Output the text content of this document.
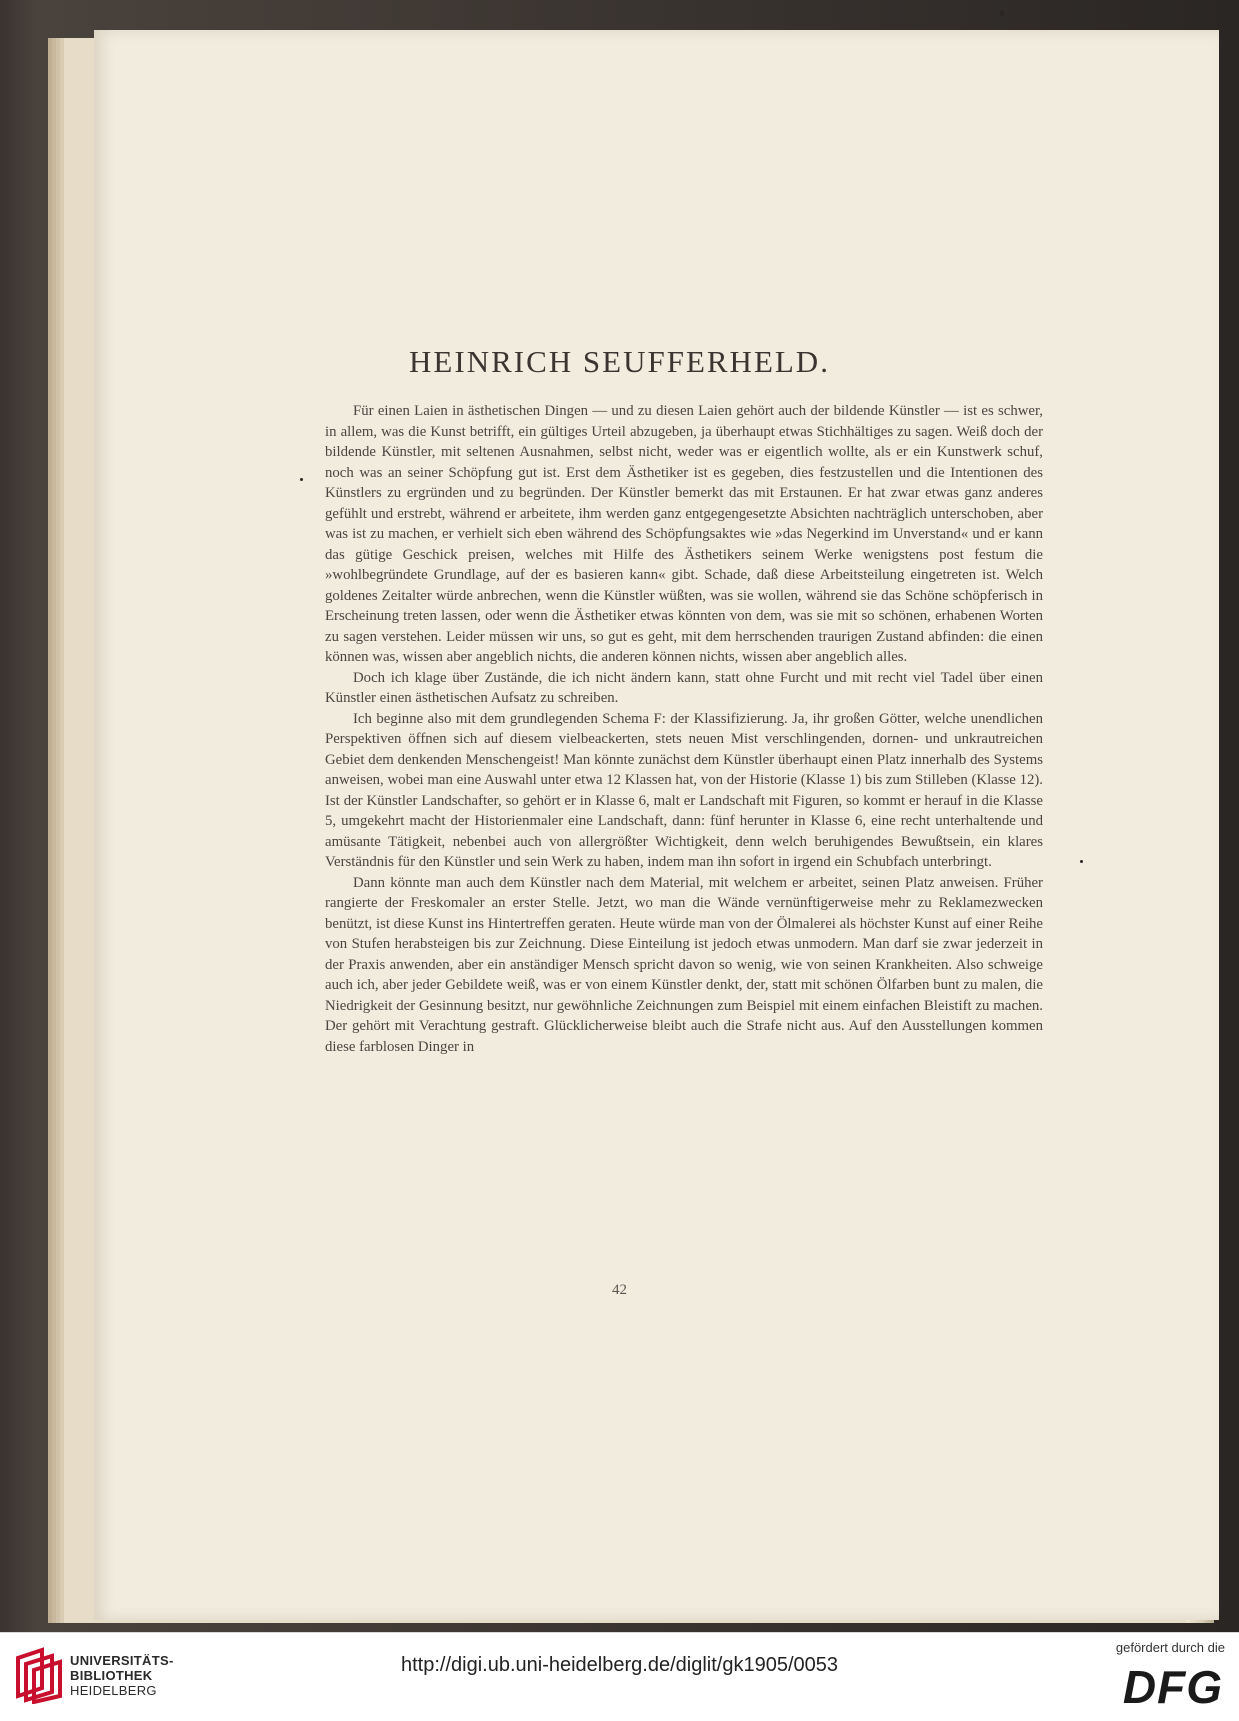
HEINRICH SEUFFERHELD.

Für einen Laien in ästhetischen Dingen — und zu diesen Laien gehört auch der bildende Künstler — ist es schwer, in allem, was die Kunst betrifft, ein gültiges Urteil abzugeben, ja überhaupt etwas Stichhältiges zu sagen. Weiß doch der bildende Künstler, mit seltenen Ausnahmen, selbst nicht, weder was er eigentlich wollte, als er ein Kunstwerk schuf, noch was an seiner Schöpfung gut ist. Erst dem Ästhetiker ist es gegeben, dies festzustellen und die Intentionen des Künstlers zu ergründen und zu begründen. Der Künstler bemerkt das mit Erstaunen. Er hat zwar etwas ganz anderes gefühlt und erstrebt, während er arbeitete, ihm werden ganz entgegengesetzte Absichten nachträglich unterschoben, aber was ist zu machen, er verhielt sich eben während des Schöpfungsaktes wie »das Negerkind im Unverstand« und er kann das gütige Geschick preisen, welches mit Hilfe des Ästhetikers seinem Werke wenigstens post festum die »wohlbegründete Grundlage, auf der es basieren kann« gibt. Schade, daß diese Arbeitsteilung eingetreten ist. Welch goldenes Zeitalter würde anbrechen, wenn die Künstler wüßten, was sie wollen, während sie das Schöne schöpferisch in Erscheinung treten lassen, oder wenn die Ästhetiker etwas könnten von dem, was sie mit so schönen, erhabenen Worten zu sagen verstehen. Leider müssen wir uns, so gut es geht, mit dem herrschenden traurigen Zustand abfinden: die einen können was, wissen aber angeblich nichts, die anderen können nichts, wissen aber angeblich alles.

Doch ich klage über Zustände, die ich nicht ändern kann, statt ohne Furcht und mit recht viel Tadel über einen Künstler einen ästhetischen Aufsatz zu schreiben.

Ich beginne also mit dem grundlegenden Schema F: der Klassifizierung. Ja, ihr großen Götter, welche unendlichen Perspektiven öffnen sich auf diesem vielbeackerten, stets neuen Mist verschlingenden, dornen- und unkrautreichen Gebiet dem denkenden Menschengeist! Man könnte zunächst dem Künstler überhaupt einen Platz innerhalb des Systems anweisen, wobei man eine Auswahl unter etwa 12 Klassen hat, von der Historie (Klasse 1) bis zum Stilleben (Klasse 12). Ist der Künstler Landschafter, so gehört er in Klasse 6, malt er Landschaft mit Figuren, so kommt er herauf in die Klasse 5, umgekehrt macht der Historienmaler eine Landschaft, dann: fünf herunter in Klasse 6, eine recht unterhaltende und amüsante Tätigkeit, nebenbei auch von allergrößter Wichtigkeit, denn welch beruhigendes Bewußtsein, ein klares Verständnis für den Künstler und sein Werk zu haben, indem man ihn sofort in irgend ein Schubfach unterbringt.

Dann könnte man auch dem Künstler nach dem Material, mit welchem er arbeitet, seinen Platz anweisen. Früher rangierte der Freskomaler an erster Stelle. Jetzt, wo man die Wände vernünftigerweise mehr zu Reklamezwecken benützt, ist diese Kunst ins Hintertreffen geraten. Heute würde man von der Ölmalerei als höchster Kunst auf einer Reihe von Stufen herabsteigen bis zur Zeichnung. Diese Einteilung ist jedoch etwas unmodern. Man darf sie zwar jederzeit in der Praxis anwenden, aber ein anständiger Mensch spricht davon so wenig, wie von seinen Krankheiten. Also schweige auch ich, aber jeder Gebildete weiß, was er von einem Künstler denkt, der, statt mit schönen Ölfarben bunt zu malen, die Niedrigkeit der Gesinnung besitzt, nur gewöhnliche Zeichnungen zum Beispiel mit einem einfachen Bleistift zu machen. Der gehört mit Verachtung gestraft. Glücklicherweise bleibt auch die Strafe nicht aus. Auf den Ausstellungen kommen diese farblosen Dinger in

42
UNIVERSITÄTS-
BIBLIOTHEK
HEIDELBERG
http://digi.ub.uni-heidelberg.de/diglit/gk1905/0053
gefördert durch die
DFG
